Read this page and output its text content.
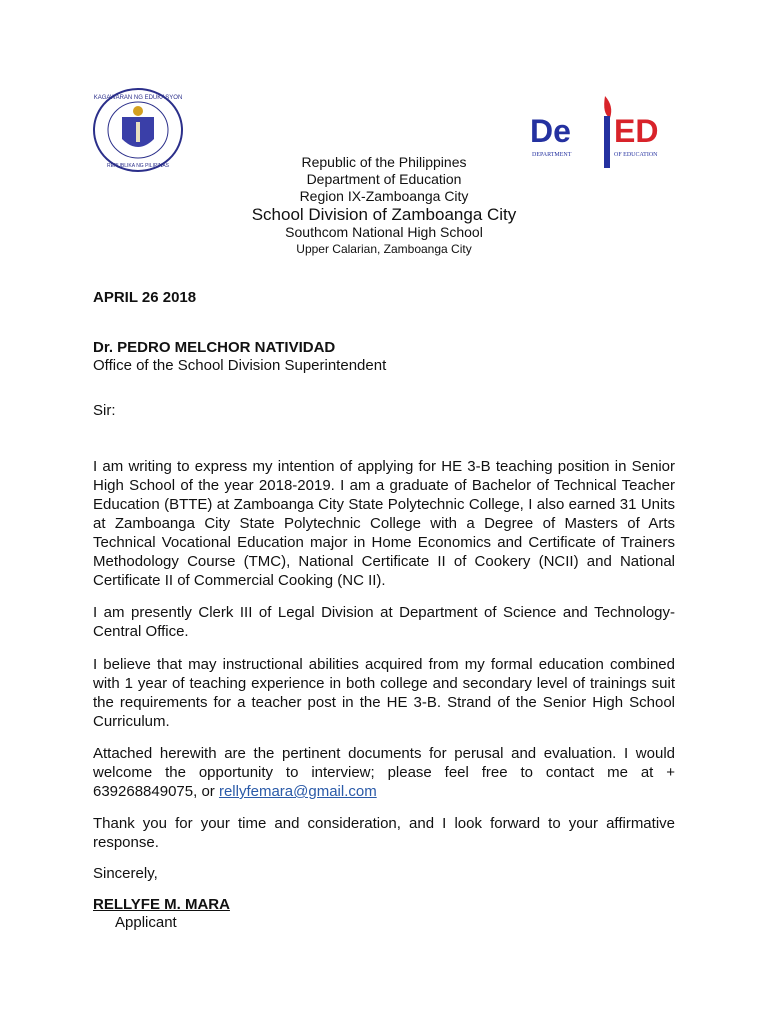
KAGAWARAN NG EDUKASYON
REPUBLIKA NG PILIPINAS
De ED
DEPARTMENT	OF EDUCATION
Republic of the Philippines
Department of Education
Region IX-Zamboanga City
School Division of Zamboanga City
Southcom National High School
Upper Calarian, Zamboanga City
APRIL 26 2018
Dr. PEDRO MELCHOR NATIVIDAD
Office of the School Division Superintendent
Sir:

I am writing to express my intention of applying for HE 3-B teaching position in Senior High School of the year 2018-2019. I am a graduate of Bachelor of Technical Teacher Education (BTTE) at Zamboanga City State Polytechnic College, I also earned 31 Units at Zamboanga City State Polytechnic College with a Degree of Masters of Arts Technical Vocational Education major in Home Economics and Certificate of Trainers Methodology Course (TMC), National Certificate II of Cookery (NCII) and National Certificate II of Commercial Cooking (NC II).

I am presently Clerk III of Legal Division at Department of Science and Technology-Central Office.

I believe that may instructional abilities acquired from my formal education combined with 1 year of teaching experience in both college and secondary level of trainings suit the requirements for a teacher post in the HE 3-B. Strand of the Senior High School Curriculum.

Attached herewith are the pertinent documents for perusal and evaluation. I would welcome the opportunity to interview; please feel free to contact me at + 639268849075, or rellyfemara@gmail.com

Thank you for your time and consideration, and I look forward to your affirmative response.

Sincerely,
RELLYFE M. MARA
Applicant
